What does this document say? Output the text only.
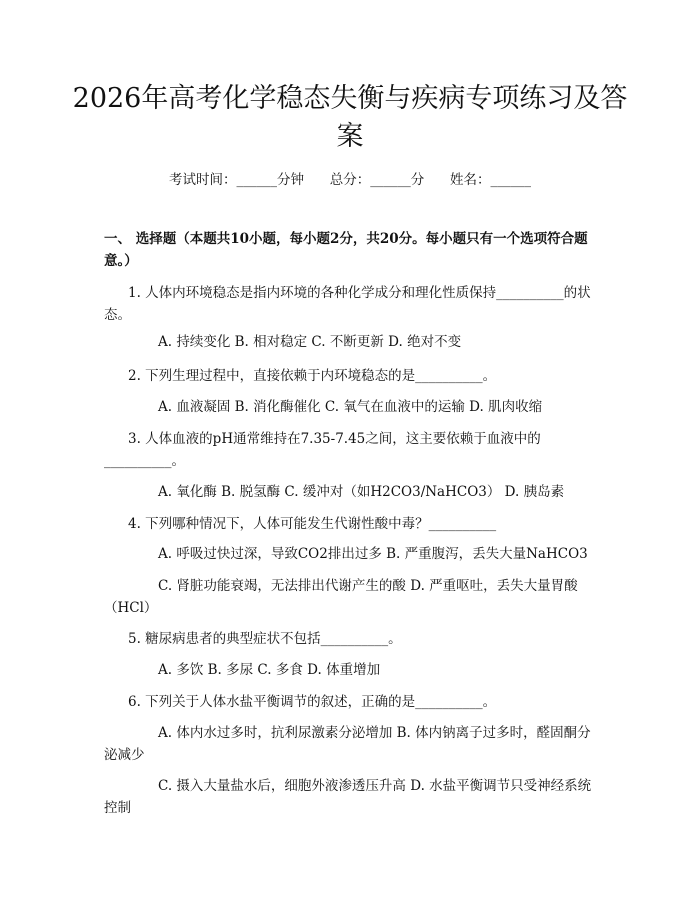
2026年高考化学稳态失衡与疾病专项练习及答案
考试时间：______分钟      总分：______分      姓名：______
一、 选择题（本题共10小题，每小题2分，共20分。每小题只有一个选项符合题意。）
1. 人体内环境稳态是指内环境的各种化学成分和理化性质保持__________的状态。
A. 持续变化 B. 相对稳定 C. 不断更新 D. 绝对不变
2. 下列生理过程中，直接依赖于内环境稳态的是__________。
A. 血液凝固 B. 消化酶催化 C. 氧气在血液中的运输 D. 肌肉收缩
3. 人体血液的pH通常维持在7.35-7.45之间，这主要依赖于血液中的__________。
A. 氧化酶 B. 脱氢酶 C. 缓冲对（如H2CO3/NaHCO3） D. 胰岛素
4. 下列哪种情况下，人体可能发生代谢性酸中毒？__________
A. 呼吸过快过深，导致CO2排出过多 B. 严重腹泻，丢失大量NaHCO3
C. 肾脏功能衰竭，无法排出代谢产生的酸 D. 严重呕吐，丢失大量胃酸（HCl）
5. 糖尿病患者的典型症状不包括__________。
A. 多饮 B. 多尿 C. 多食 D. 体重增加
6. 下列关于人体水盐平衡调节的叙述，正确的是__________。
A. 体内水过多时，抗利尿激素分泌增加 B. 体内钠离子过多时，醛固酮分泌减少
C. 摄入大量盐水后，细胞外液渗透压升高 D. 水盐平衡调节只受神经系统控制
